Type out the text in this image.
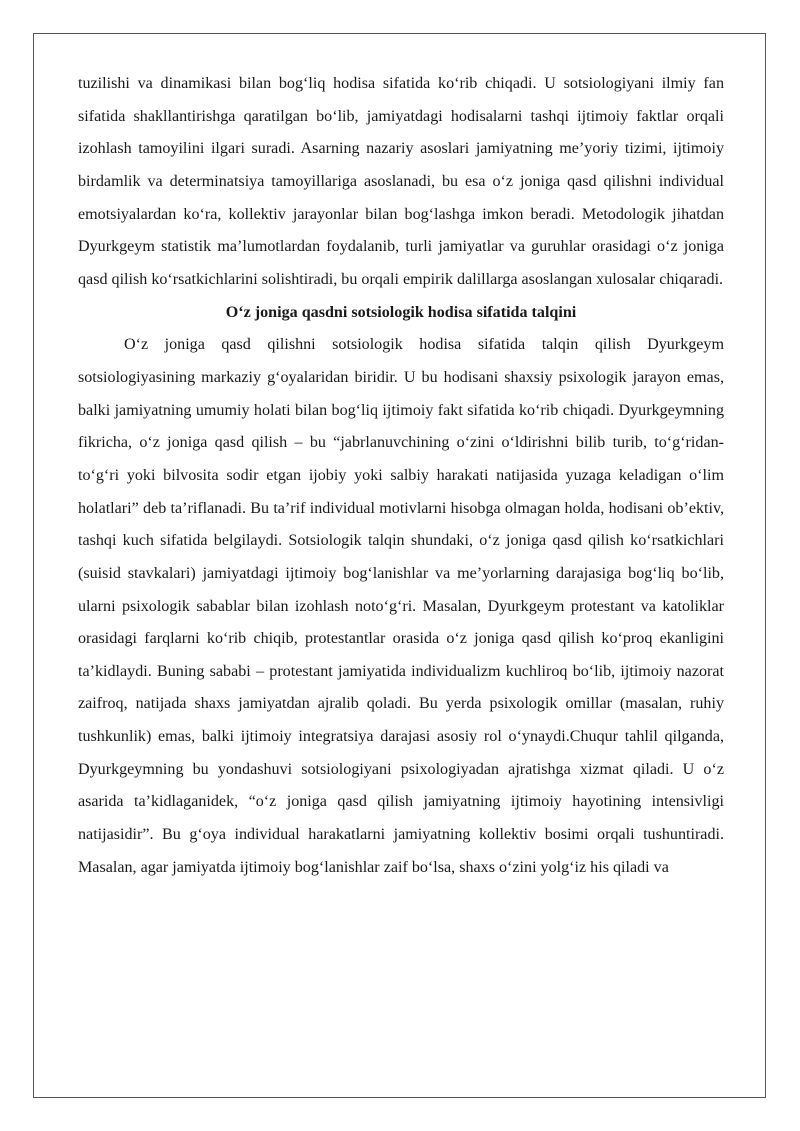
tuzilishi va dinamikasi bilan bog‘liq hodisa sifatida ko‘rib chiqadi. U sotsiologiyani ilmiy fan sifatida shakllantirishga qaratilgan bo‘lib, jamiyatdagi hodisalarni tashqi ijtimoiy faktlar orqali izohlash tamoyilini ilgari suradi. Asarning nazariy asoslari jamiyatning me’yoriy tizimi, ijtimoiy birdamlik va determinatsiya tamoyillariga asoslanadi, bu esa o‘z joniga qasd qilishni individual emotsiyalardan ko‘ra, kollektiv jarayonlar bilan bog‘lashga imkon beradi. Metodologik jihatdan Dyurkgeym statistik ma’lumotlardan foydalanib, turli jamiyatlar va guruhlar orasidagi o‘z joniga qasd qilish ko‘rsatkichlarini solishtiradi, bu orqali empirik dalillarga asoslangan xulosalar chiqaradi.

O‘z joniga qasdni sotsiologik hodisa sifatida talqini

O‘z joniga qasd qilishni sotsiologik hodisa sifatida talqin qilish Dyurkgeym sotsiologiyasining markaziy g‘oyalaridan biridir. U bu hodisani shaxsiy psixologik jarayon emas, balki jamiyatning umumiy holati bilan bog‘liq ijtimoiy fakt sifatida ko‘rib chiqadi. Dyurkgeymning fikricha, o‘z joniga qasd qilish – bu “jabrlanuvchining o‘zini o‘ldirishni bilib turib, to‘g‘ridan-to‘g‘ri yoki bilvosita sodir etgan ijobiy yoki salbiy harakati natijasida yuzaga keladigan o‘lim holatlari” deb ta’riflanadi. Bu ta’rif individual motivlarni hisobga olmagan holda, hodisani ob’ektiv, tashqi kuch sifatida belgilaydi. Sotsiologik talqin shundaki, o‘z joniga qasd qilish ko‘rsatkichlari (suisid stavkalari) jamiyatdagi ijtimoiy bog‘lanishlar va me’yorlarning darajasiga bog‘liq bo‘lib, ularni psixologik sabablar bilan izohlash noto‘g‘ri. Masalan, Dyurkgeym protestant va katoliklar orasidagi farqlarni ko‘rib chiqib, protestantlar orasida o‘z joniga qasd qilish ko‘proq ekanligini ta’kidlaydi. Buning sababi – protestant jamiyatida individualizm kuchliroq bo‘lib, ijtimoiy nazorat zaifroq, natijada shaxs jamiyatdan ajralib qoladi. Bu yerda psixologik omillar (masalan, ruhiy tushkunlik) emas, balki ijtimoiy integratsiya darajasi asosiy rol o‘ynaydi.Chuqur tahlil qilganda, Dyurkgeymning bu yondashuvi sotsiologiyani psixologiyadan ajratishga xizmat qiladi. U o‘z asarida ta’kidlaganidek, “o‘z joniga qasd qilish jamiyatning ijtimoiy hayotining intensivligi natijasidir”. Bu g‘oya individual harakatlarni jamiyatning kollektiv bosimi orqali tushuntiradi. Masalan, agar jamiyatda ijtimoiy bog‘lanishlar zaif bo‘lsa, shaxs o‘zini yolg‘iz his qiladi va
